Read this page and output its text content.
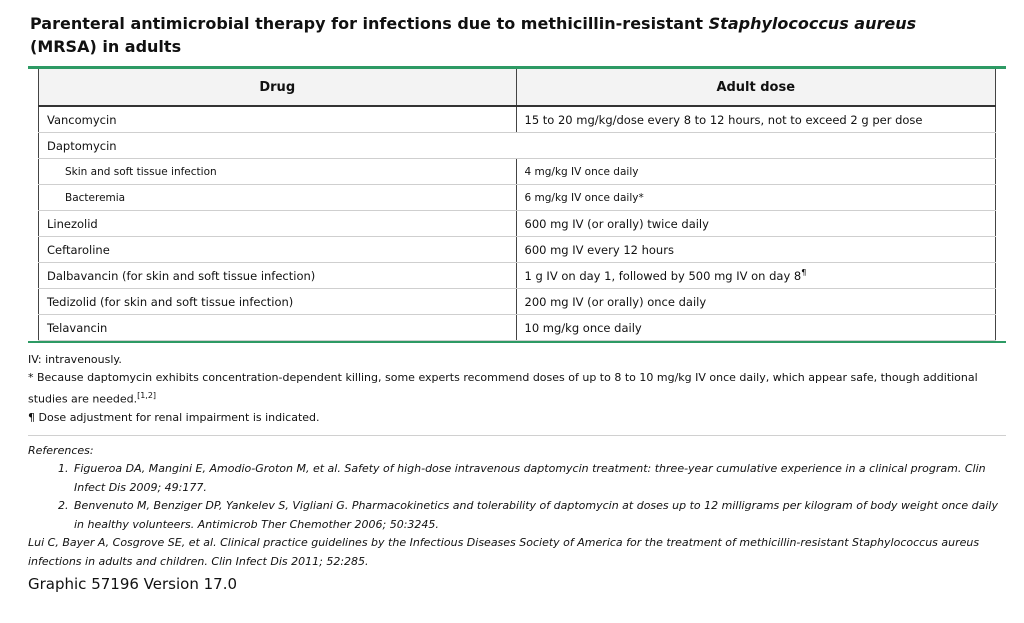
Parenteral antimicrobial therapy for infections due to methicillin-resistant Staphylococcus aureus
(MRSA) in adults
Drug	Adult dose
Vancomycin	15 to 20 mg/kg/dose every 8 to 12 hours, not to exceed 2 g per dose
Daptomycin	
Skin and soft tissue infection	4 mg/kg IV once daily
Bacteremia	6 mg/kg IV once daily*
Linezolid	600 mg IV (or orally) twice daily
Ceftaroline	600 mg IV every 12 hours
Dalbavancin (for skin and soft tissue infection)	1 g IV on day 1, followed by 500 mg IV on day 8¶
Tedizolid (for skin and soft tissue infection)	200 mg IV (or orally) once daily
Telavancin	10 mg/kg once daily
IV: intravenously.
* Because daptomycin exhibits concentration-dependent killing, some experts recommend doses of up to 8 to 10 mg/kg IV once daily, which appear safe, though additional studies are needed.[1,2]
¶ Dose adjustment for renal impairment is indicated.
References:
1. Figueroa DA, Mangini E, Amodio-Groton M, et al. Safety of high-dose intravenous daptomycin treatment: three-year cumulative experience in a clinical program. Clin Infect Dis 2009; 49:177.
2. Benvenuto M, Benziger DP, Yankelev S, Vigliani G. Pharmacokinetics and tolerability of daptomycin at doses up to 12 milligrams per kilogram of body weight once daily in healthy volunteers. Antimicrob Ther Chemother 2006; 50:3245.
Lui C, Bayer A, Cosgrove SE, et al. Clinical practice guidelines by the Infectious Diseases Society of America for the treatment of methicillin-resistant Staphylococcus aureus infections in adults and children. Clin Infect Dis 2011; 52:285.
Graphic 57196 Version 17.0
